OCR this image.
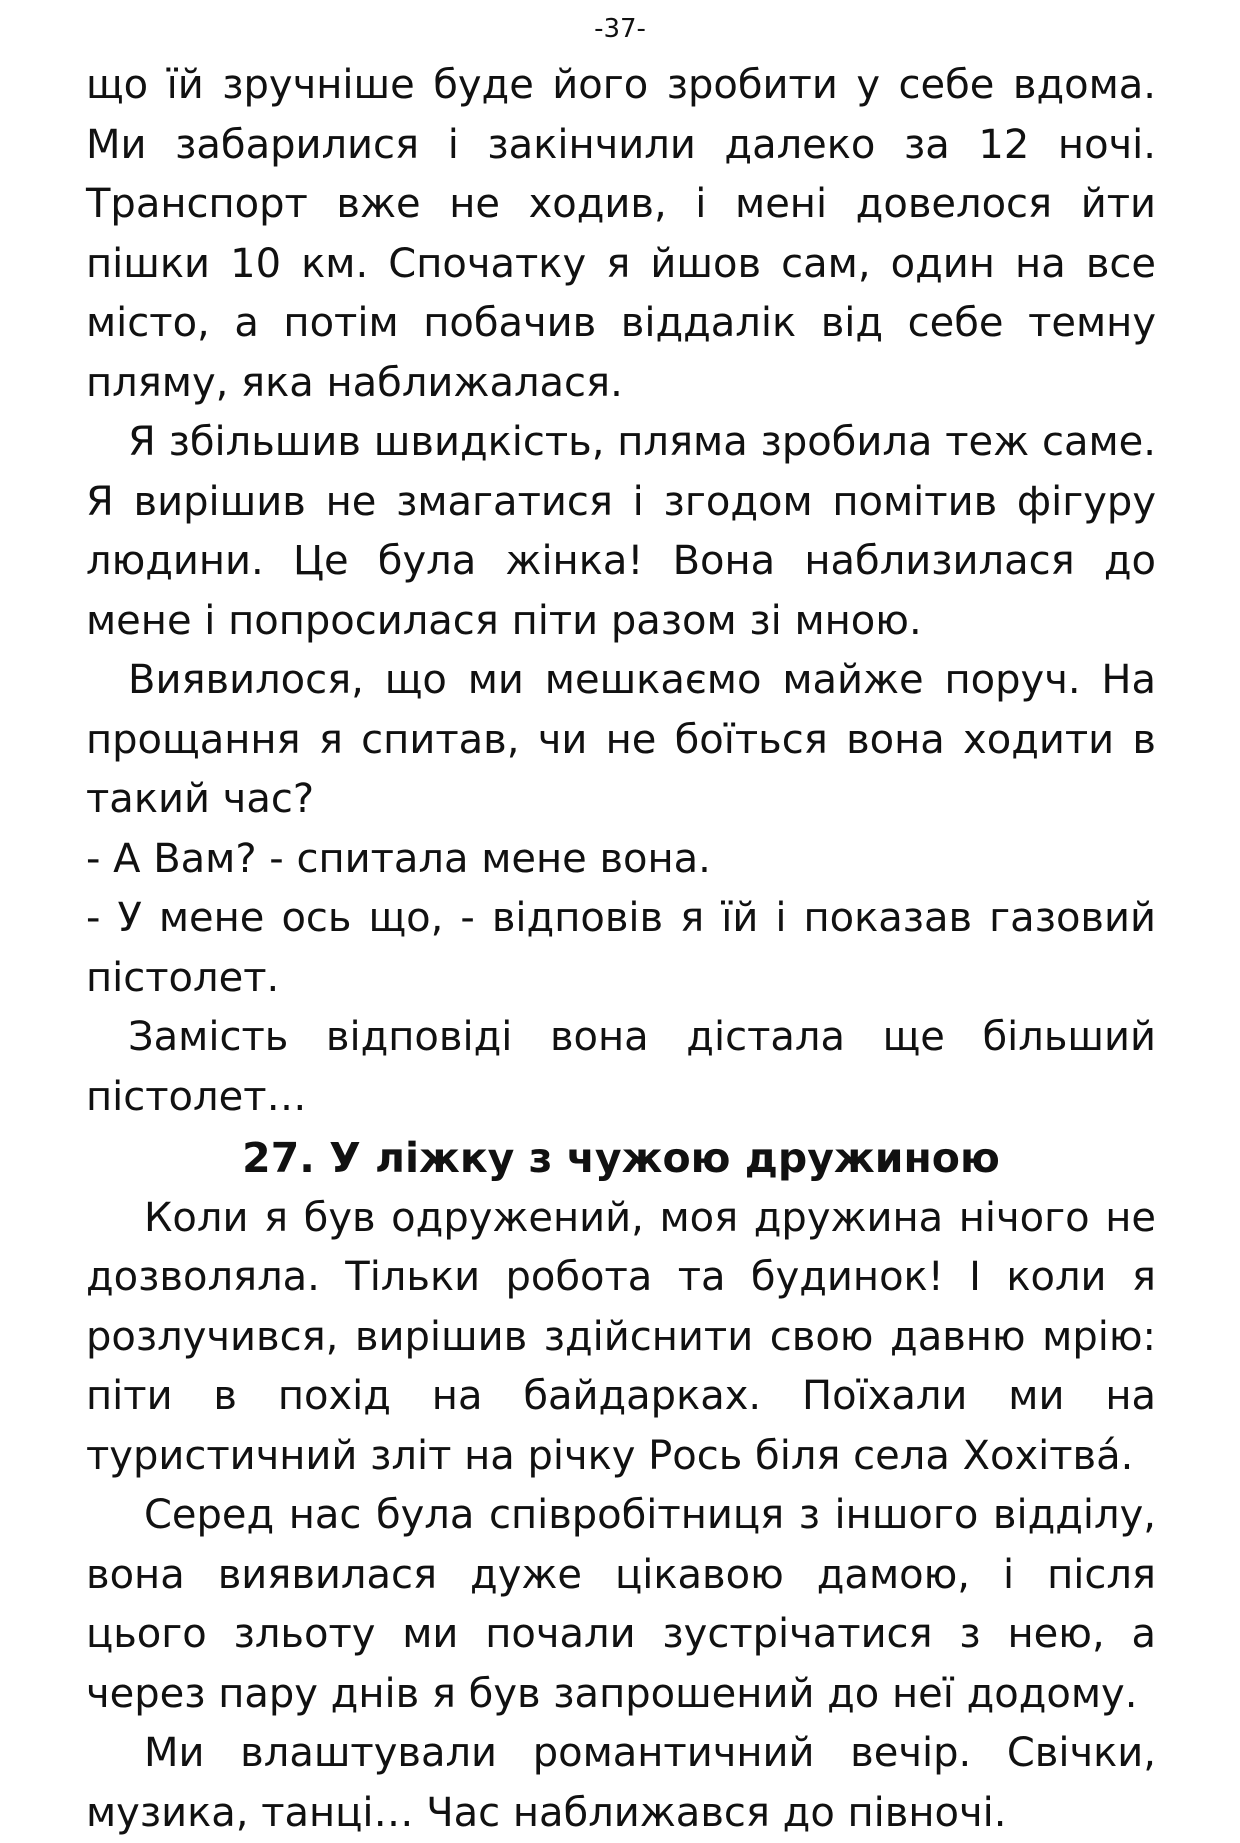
-37-

що їй зручніше буде його зробити у себе вдома. Ми забарилися і закінчили далеко за 12 ночі. Транспорт вже не ходив, і мені довелося йти пішки 10 км. Спочатку я йшов сам, один на все місто, а потім побачив віддалік від себе темну пляму, яка наближалася.

Я збільшив швидкість, пляма зробила теж саме. Я вирішив не змагатися і згодом помітив фігуру людини. Це була жінка! Вона наблизилася до мене і попросилася піти разом зі мною.

Виявилося, що ми мешкаємо майже поруч. На прощання я спитав, чи не боїться вона ходити в такий час?

- А Вам? - спитала мене вона.

- У мене ось що, - відповів я їй і показав газовий пістолет.

Замість відповіді вона дістала ще більший пістолет…

27. У ліжку з чужою дружиною

Коли я був одружений, моя дружина нічого не дозволяла. Тільки робота та будинок! І коли я розлучився, вирішив здійснити свою давню мрію: піти в похід на байдарках. Поїхали ми на туристичний зліт на річку Рось біля села Хохітва́.

Серед нас була співробітниця з іншого відділу, вона виявилася дуже цікавою дамою, і після цього зльоту ми почали зустрічатися з нею, а через пару днів я був запрошений до неї додому.

Ми влаштували романтичний вечір. Свічки, музика, танці… Час наближався до півночі.
